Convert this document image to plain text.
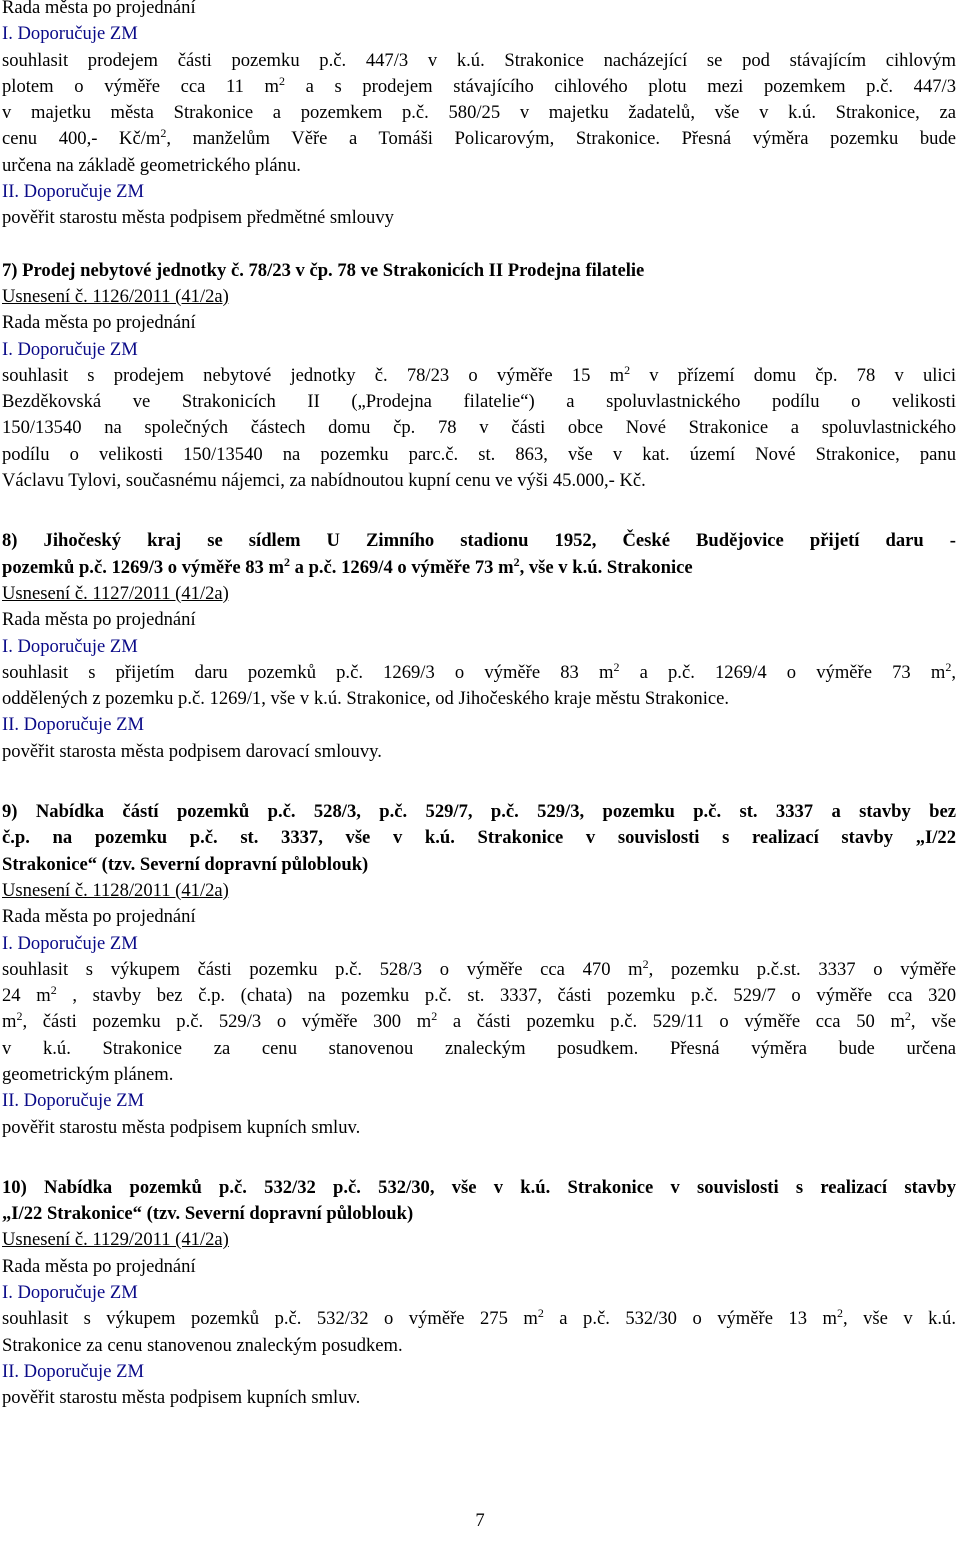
Rada města po projednání
I. Doporučuje ZM
souhlasit prodejem části pozemku p.č. 447/3 v k.ú. Strakonice nacházející se pod stávajícím cihlovým
plotem o výměře cca 11 $m^2$ a s prodejem stávajícího cihlového plotu mezi pozemkem p.č. 447/3
v majetku města Strakonice a pozemkem p.č. 580/25 v majetku žadatelů, vše v k.ú. Strakonice, za
cenu 400,- $Kč/m^2$, manželům Věře a Tomáši Policarovým, Strakonice. Přesná výměra pozemku bude
určena na základě geometrického plánu.
II. Doporučuje ZM
pověřit starostu města podpisem předmětné smlouvy
7) Prodej nebytové jednotky č. 78/23 v čp. 78 ve Strakonicích II Prodejna filatelie
Usnesení č. 1126/2011 (41/2a)
Rada města po projednání
I. Doporučuje ZM
souhlasit s prodejem nebytové jednotky č. 78/23 o výměře 15 $m^2$ v přízemí domu čp. 78 v ulici
Bezděkovská ve Strakonicích II („Prodejna filatelie“) a spoluvlastnického podílu o velikosti
150/13540 na společných částech domu čp. 78 v části obce Nové Strakonice a spoluvlastnického
podílu o velikosti 150/13540 na pozemku parc.č. st. 863, vše v kat. území Nové Strakonice, panu
Václavu Tylovi, současnému nájemci, za nabídnoutou kupní cenu ve výši 45.000,- Kč.
8) Jihočeský kraj se sídlem U Zimního stadionu 1952, České Budějovice přijetí daru -
pozemků p.č. 1269/3 o výměře 83 $m^2$ a p.č. 1269/4 o výměře 73 $m^2$, vše v k.ú. Strakonice
Usnesení č. 1127/2011 (41/2a)
Rada města po projednání
I. Doporučuje ZM
souhlasit s přijetím daru pozemků p.č. 1269/3 o výměře 83 $m^2$ a p.č. 1269/4 o výměře 73 $m^2$,
oddělených z pozemku p.č. 1269/1, vše v k.ú. Strakonice, od Jihočeského kraje městu Strakonice.
II. Doporučuje ZM
pověřit starosta města podpisem darovací smlouvy.
9) Nabídka částí pozemků p.č. 528/3, p.č. 529/7, p.č. 529/3, pozemku p.č. st. 3337 a stavby bez
č.p. na pozemku p.č. st. 3337, vše v k.ú. Strakonice v souvislosti s realizací stavby „I/22
Strakonice“ (tzv. Severní dopravní půloblouk)
Usnesení č. 1128/2011 (41/2a)
Rada města po projednání
I. Doporučuje ZM
souhlasit s výkupem části pozemku p.č. 528/3 o výměře cca 470 $m^2$, pozemku p.č.st. 3337 o výměře
24 $m^2$ , stavby bez č.p. (chata) na pozemku p.č. st. 3337, části pozemku p.č. 529/7 o výměře cca 320
$m^2$, části pozemku p.č. 529/3 o výměře 300 $m^2$ a části pozemku p.č. 529/11 o výměře cca 50 $m^2$, vše
v k.ú. Strakonice za cenu stanovenou znaleckým posudkem. Přesná výměra bude určena
geometrickým plánem.
II. Doporučuje ZM
pověřit starostu města podpisem kupních smluv.
10) Nabídka pozemků p.č. 532/32 p.č. 532/30, vše v k.ú. Strakonice v souvislosti s realizací stavby
„I/22 Strakonice“ (tzv. Severní dopravní půloblouk)
Usnesení č. 1129/2011 (41/2a)
Rada města po projednání
I. Doporučuje ZM
souhlasit s výkupem pozemků p.č. 532/32 o výměře 275 $m^2$ a p.č. 532/30 o výměře 13 $m^2$, vše v k.ú.
Strakonice za cenu stanovenou znaleckým posudkem.
II. Doporučuje ZM
pověřit starostu města podpisem kupních smluv.
7
